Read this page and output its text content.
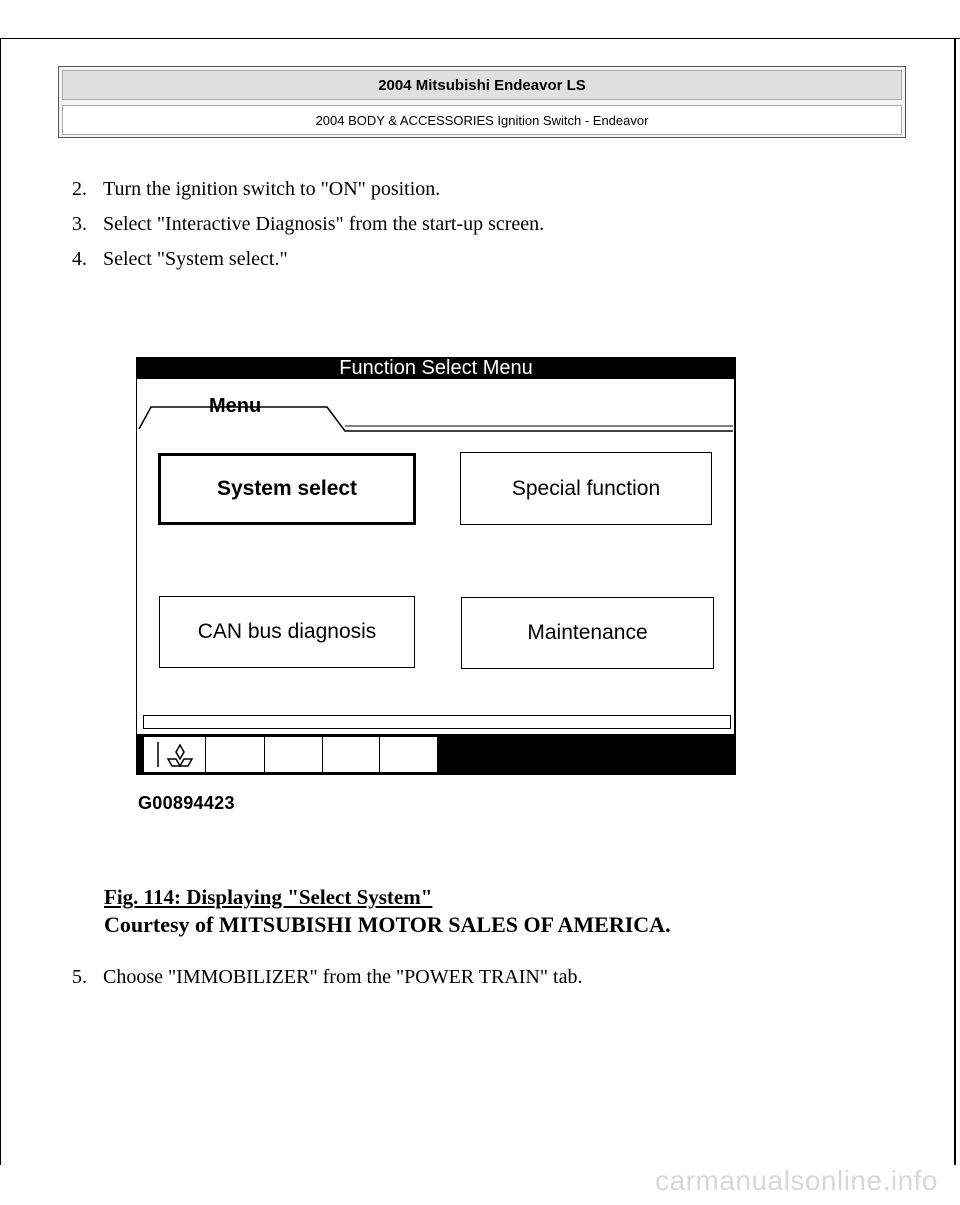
2004 Mitsubishi Endeavor LS
2004 BODY & ACCESSORIES Ignition Switch - Endeavor
2. Turn the ignition switch to "ON" position.
3. Select "Interactive Diagnosis" from the start-up screen.
4. Select "System select."
Function Select Menu
Menu
System select	Special function
CAN bus diagnosis	Maintenance
G00894423
Fig. 114: Displaying "Select System"
Courtesy of MITSUBISHI MOTOR SALES OF AMERICA.
5. Choose "IMMOBILIZER" from the "POWER TRAIN" tab.
carmanualsonline.info
